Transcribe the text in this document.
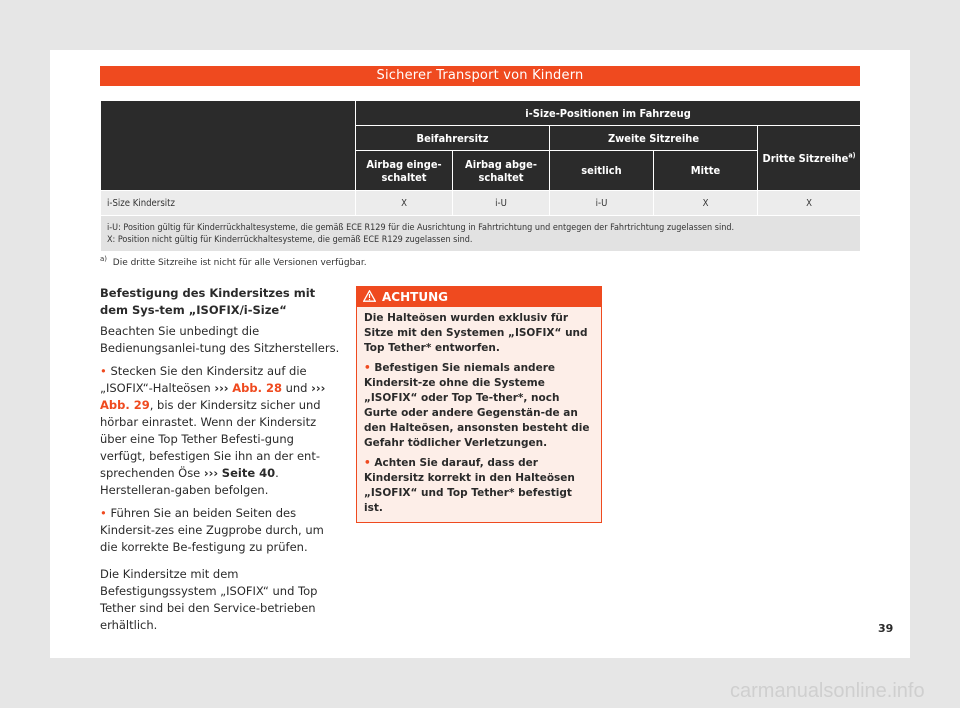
Sicherer Transport von Kindern
	i-Size-Positionen im Fahrzeug				
	Beifahrersitz		Zweite Sitzreihe		Dritte Sitzreihe$^{a)}$
	Airbag einge-schaltet	Airbag abge-schaltet	seitlich	Mitte	
i-Size Kindersitz	X	i-U	i-U	X	X

i-U: Position gültig für Kinderrückhaltesysteme, die gemäß ECE R129 für die Ausrichtung in Fahrtrichtung und entgegen der Fahrtrichtung zugelassen sind.
X: Position nicht gültig für Kinderrückhaltesysteme, die gemäß ECE R129 zugelassen sind.					
$^{a)}$ Die dritte Sitzreihe ist nicht für alle Versionen verfügbar.
Befestigung des Kindersitzes mit dem Sys-tem „ISOFIX/i-Size“

Beachten Sie unbedingt die Bedienungsanlei-tung des Sitzherstellers.

• Stecken Sie den Kindersitz auf die „ISOFIX“-Halteösen ››› Abb. 28 und ››› Abb. 29, bis der Kindersitz sicher und hörbar einrastet. Wenn der Kindersitz über eine Top Tether Befesti-gung verfügt, befestigen Sie ihn an der ent-sprechenden Öse ››› Seite 40. Herstelleran-gaben befolgen.

• Führen Sie an beiden Seiten des Kindersit-zes eine Zugprobe durch, um die korrekte Be-festigung zu prüfen.

Die Kindersitze mit dem Befestigungssystem „ISOFIX“ und Top Tether sind bei den Service-betrieben erhältlich.

ACHTUNG

Die Halteösen wurden exklusiv für Sitze mit den Systemen „ISOFIX“ und Top Tether* entworfen.

• Befestigen Sie niemals andere Kindersit-ze ohne die Systeme „ISOFIX“ oder Top Te-ther*, noch Gurte oder andere Gegenstän-de an den Halteösen, ansonsten besteht die Gefahr tödlicher Verletzungen.

• Achten Sie darauf, dass der Kindersitz korrekt in den Halteösen „ISOFIX“ und Top Tether* befestigt ist.

39
carmanualsonline.info
